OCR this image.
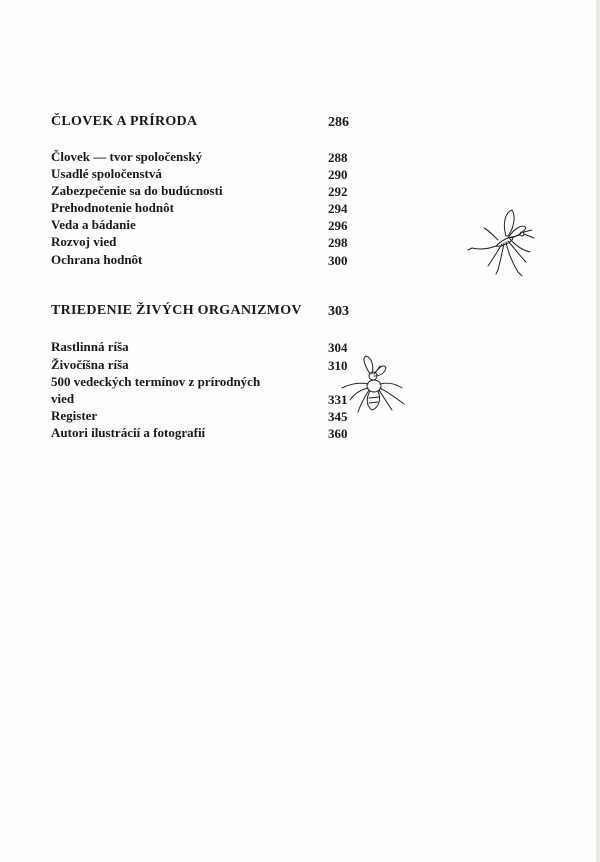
ČLOVEK A PRÍRODA	286
Človek — tvor spoločenský	288
Usadlé spoločenstvá	290
Zabezpečenie sa do budúcnosti	292
Prehodnotenie hodnôt	294
Veda a bádanie	296
Rozvoj vied	298
Ochrana hodnôt	300
TRIEDENIE ŽIVÝCH ORGANIZMOV 303
Rastlinná ríša	304
Živočíšna ríša	310
500 vedeckých termínov z prírodných
vied	331
Register	345
Autori ilustrácií a fotografií	360
